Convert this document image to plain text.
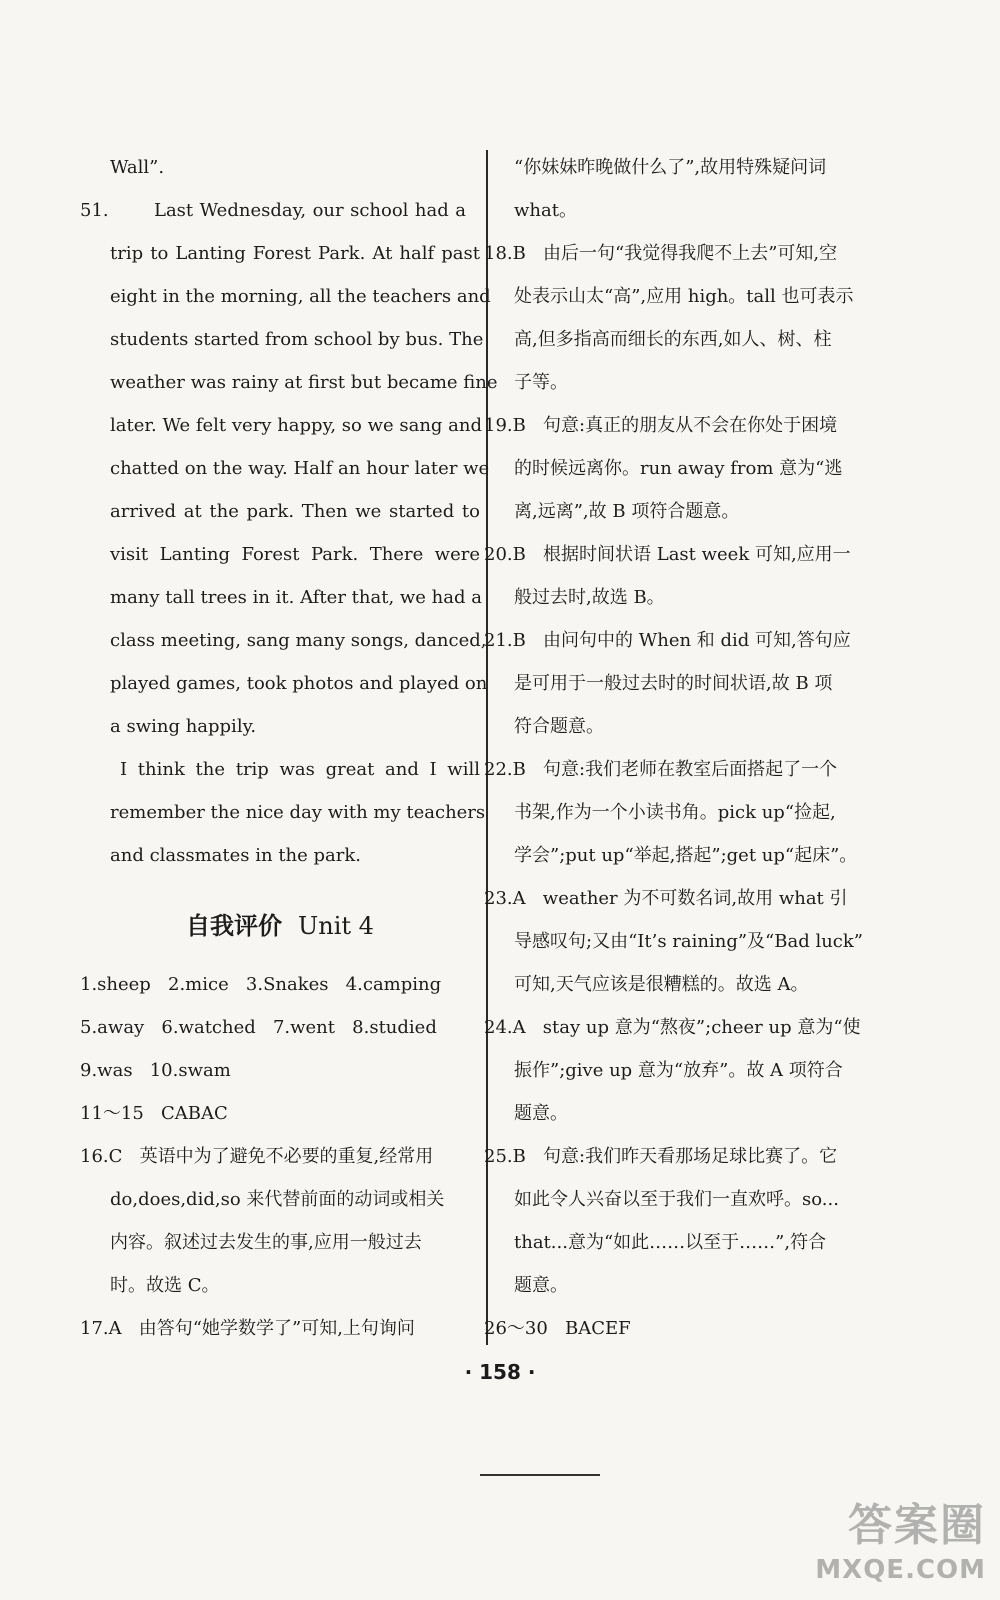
Wall”.
51.	Last Wednesday, our school had a
trip to Lanting Forest Park. At half past
eight in the morning, all the teachers and
students started from school by bus. The
weather was rainy at first but became fine
later. We felt very happy, so we sang and
chatted on the way. Half an hour later we
arrived at the park. Then we started to
visit Lanting Forest Park. There were
many tall trees in it. After that, we had a
class meeting, sang many songs, danced,
played games, took photos and played on
a swing happily.
I think the trip was great and I will
remember the nice day with my teachers
and classmates in the park.
自我评价 Unit 4
1.sheep   2.mice   3.Snakes   4.camping
5.away   6.watched   7.went   8.studied
9.was   10.swam
11～15   CABAC
16.C   英语中为了避免不必要的重复,经常用
do,does,did,so 来代替前面的动词或相关
内容。叙述过去发生的事,应用一般过去
时。故选 C。
17.A   由答句“她学数学了”可知,上句询问
“你妹妹昨晚做什么了”,故用特殊疑问词
what。
18.B   由后一句“我觉得我爬不上去”可知,空
处表示山太“高”,应用 high。tall 也可表示
高,但多指高而细长的东西,如人、树、柱
子等。
19.B   句意:真正的朋友从不会在你处于困境
的时候远离你。run away from 意为“逃
离,远离”,故 B 项符合题意。
20.B   根据时间状语 Last week 可知,应用一
般过去时,故选 B。
21.B   由问句中的 When 和 did 可知,答句应
是可用于一般过去时的时间状语,故 B 项
符合题意。
22.B   句意:我们老师在教室后面搭起了一个
书架,作为一个小读书角。pick up“捡起,
学会”;put up“举起,搭起”;get up“起床”。
23.A   weather 为不可数名词,故用 what 引
导感叹句;又由“It’s raining”及“Bad luck”
可知,天气应该是很糟糕的。故选 A。
24.A   stay up 意为“熬夜”;cheer up 意为“使
振作”;give up 意为“放弃”。故 A 项符合
题意。
25.B   句意:我们昨天看那场足球比赛了。它
如此令人兴奋以至于我们一直欢呼。so...
that...意为“如此……以至于……”,符合
题意。
26～30   BACEF
· 158 ·
答案圈
MXQE.COM
